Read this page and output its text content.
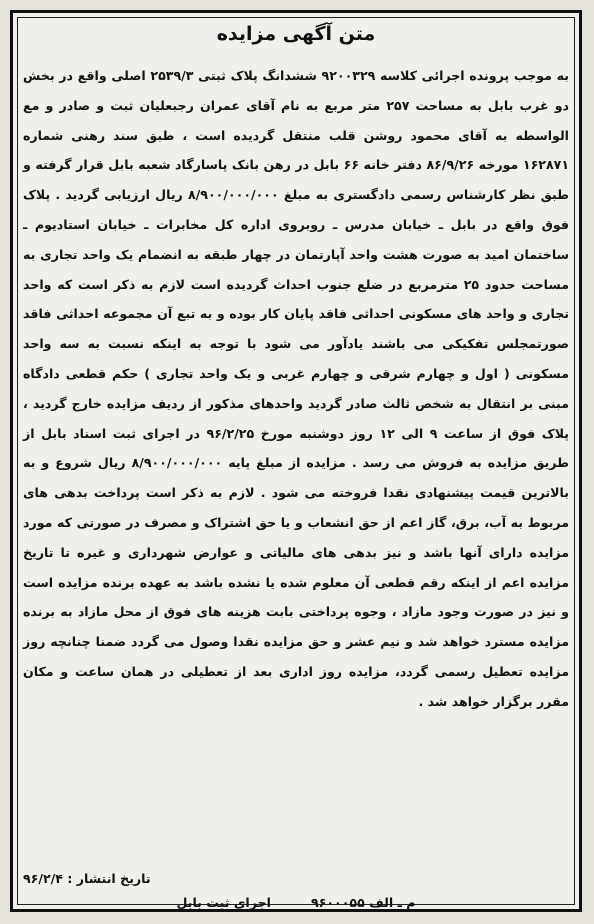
متن آگهی مزایده
به موجب پرونده اجرائی کلاسه ۹۲۰۰۳۲۹ ششدانگ پلاک ثبتی ۲۵۳۹/۳ اصلی واقع در بخش دو غرب بابل به مساحت ۲۵۷ متر مربع به نام آقای عمران رجبعلیان ثبت و صادر و مع الواسطه به آقای محمود روشن قلب منتقل گردیده است ، طبق سند رهنی شماره ۱۶۲۸۷۱ مورخه ۸۶/۹/۲۶ دفتر خانه ۶۶ بابل در رهن بانک پاسارگاد شعبه بابل قرار گرفته و طبق نظر کارشناس رسمی دادگستری به مبلغ ۸/۹۰۰/۰۰۰/۰۰۰ ریال ارزیابی گردید . پلاک فوق واقع در بابل ـ خیابان مدرس ـ روبروی اداره کل مخابرات ـ خیابان استادیوم ـ ساختمان امید به صورت هشت واحد آپارتمان در چهار طبقه به انضمام یک واحد تجاری به مساحت حدود ۲۵ مترمربع در ضلع جنوب احداث گردیده است لازم به ذکر است که واحد تجاری و واحد های مسکونی احداثی فاقد پایان کار بوده و به تبع آن مجموعه احداثی فاقد صورتمجلس تفکیکی می باشند یادآور می شود با توجه به اینکه نسبت به سه واحد مسکونی ( اول و چهارم شرقی و چهارم غربی و یک واحد تجاری ) حکم قطعی دادگاه مبنی بر انتقال به شخص ثالث صادر گردید واحدهای مذکور از ردیف مزایده خارج گردید ، پلاک فوق از ساعت ۹ الی ۱۲ روز دوشنبه مورخ ۹۶/۲/۲۵ در اجرای ثبت اسناد بابل از طریق مزایده به فروش می رسد . مزایده از مبلغ پایه ۸/۹۰۰/۰۰۰/۰۰۰ ریال شروع و به بالاترین قیمت پیشنهادی نقدا فروخته می شود . لازم به ذکر است پرداخت بدهی های مربوط به آب، برق، گاز اعم از حق انشعاب و یا حق اشتراک و مصرف در صورتی که مورد مزایده دارای آنها باشد و نیز بدهی های مالیاتی و عوارض شهرداری و غیره تا تاریخ مزایده اعم از اینکه رقم قطعی آن معلوم شده یا نشده باشد به عهده برنده مزایده است و نیز در صورت وجود مازاد ، وجوه پرداختی بابت هزینه های فوق از محل مازاد به برنده مزایده مسترد خواهد شد و نیم عشر و حق مزایده نقدا وصول می گردد ضمنا چنانچه روز مزایده تعطیل رسمی گردد، مزایده روز اداری بعد از تعطیلی در همان ساعت و مکان مقرر برگزار خواهد شد .
تاریخ انتشار : ۹۶/۲/۴
م ـ الف ۹۶۰۰۰۵۵
اجرای ثبت بابل
